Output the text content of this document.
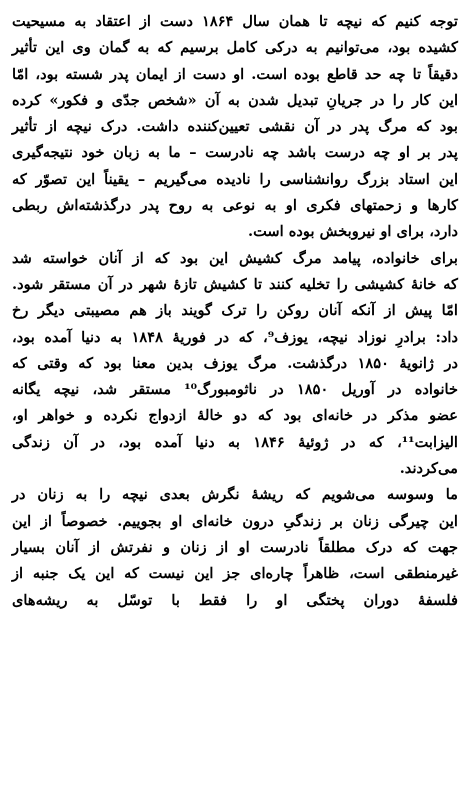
توجه کنیم که نیچه تا همان سال ۱۸۶۴ دست از اعتقاد به مسیحیت
کشیده بود، می‌توانیم به درکی کامل برسیم که به گمان وی این تأثیر
دقیقاً تا چه حد قاطع بوده است. او دست از ایمان پدر شسته بود، امّا
این کار را در جریانِ تبدیل شدن به آن «شخص جدّی و فکور» کرده
بود که مرگ پدر در آن نقشی تعیین‌کننده داشت. درک نیچه از تأثیر
پدر بر او چه درست باشد چه نادرست – ما به زبان خود نتیجه‌گیری
این استاد بزرگ روانشناسی را نادیده می‌گیریم – یقیناً این تصوّر که
کارها و زحمتهای فکری او به نوعی به روح پدر درگذشته‌اش ربطی
دارد، برای او نیروبخش بوده است.
برای خانواده، پیامد مرگ کشیش این بود که از آنان خواسته شد
که خانهٔ کشیشی را تخلیه کنند تا کشیش تازهٔ شهر در آن مستقر شود.
امّا پیش از آنکه آنان روکن را ترک گویند باز هم مصیبتی دیگر رخ
داد: برادرِ نوزاد نیچه، یوزف⁹، که در فوریهٔ ۱۸۴۸ به دنیا آمده بود،
در ژانویهٔ ۱۸۵۰ درگذشت. مرگ یوزف بدین معنا بود که وقتی که
خانواده در آوریل ۱۸۵۰ در ناثومبورگ¹⁰ مستقر شد، نیچه یگانه
عضو مذکر در خانه‌ای بود که دو خالهٔ ازدواج نکرده و خواهر او،
الیزابت¹¹، که در ژوئیهٔ ۱۸۴۶ به دنیا آمده بود، در آن زندگی
می‌کردند.
ما وسوسه می‌شویم که ریشهٔ نگرش بعدی نیچه را به زنان در
این چیرگی زنان بر زندگیِ درون خانه‌ای او بجوییم. خصوصاً از این
جهت که درک مطلقاً نادرست او از زنان و نفرتش از آنان بسیار
غیرمنطقی است، ظاهراً چاره‌ای جز این نیست که این یک جنبه از
فلسفهٔ دوران پختگی او را فقط با توسّل به ریشه‌های
